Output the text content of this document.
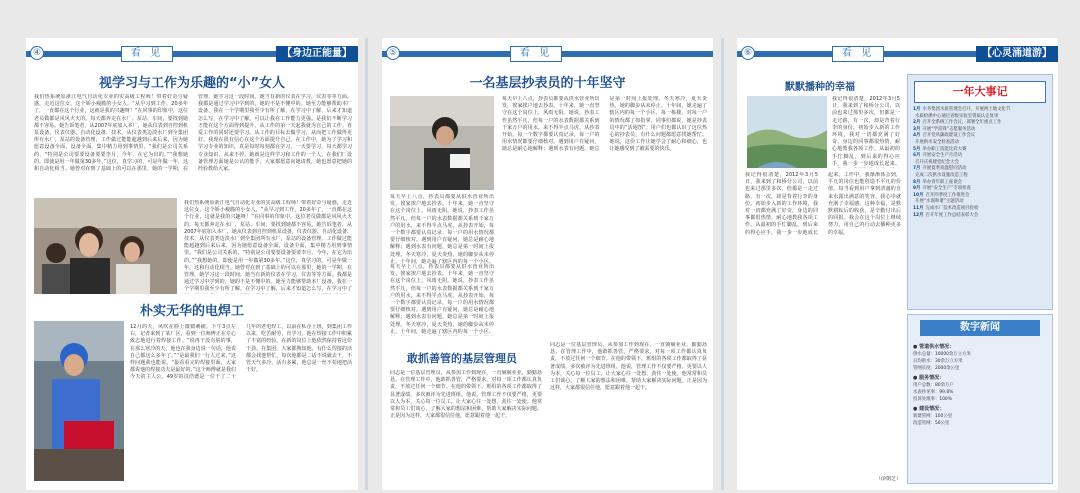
④	看 见	【身边正能量】
视学习与工作为乐趣的“小”女人
我们热系统原浙江电气自动化专业的实高级工程师！带着好奇与疑惑，走近这位女，这个娇小瘦脆的小女人。“从早习到工作，20多年了，一直都在这个行业，这就是我的兴趣呀！”在同事的印象中，这位老员做都是风风火火的。每天都奔走在水厂、泵站、车间，要找到她都不容易。她告诉笔者，从2007年底加入本厂，她从仪表到自控到机泵设备，仪表仪器、自动化设备、技术，从仪表类边淡水厂到全集团所有水厂，泵站的设备管理，工作做过能能超越到后来后来，因为她愿意设备全面，设备全面，集中精力用到事情里。“我们是公司关系的，“特别是公司要要设备要要李月，今年，在它为出的。”“我想她的，即使是用一年做第30多年。”这位，真学习的，可是年做一年，这和自动化相当。她曾对在到了基础上的可以在那里，她的一学期，在管理，她学习这一段时间。她当有新的仪表在学习，仪表等等方面。我都是通过学习中学到的，她的不是不懂中的。她至力能够帮助本厂设备，我在一个学期里我至少有所了解，在学习中了解，后来才知道怎么写，在学习中了解，可以让我在工作能力更强。是我们不断学习才能在这个方面得到提升。从工作的第一天起我就为自己的工作。喜爱工作的同时还要学习。从工作的目标去做学习，从而把工作做得更好。我现在很有信心在这个方面提升自己。在工作中。她为了学习和学习专业的知识，真是每时每刻都在学习，一天要学习，每天都学习专业知识，从来不停。她就是这样学习和工作的一个人，在我们厂设备管理方面她是公认的能手，大家都愿意向她请教，她也愿意把她的经验教给大家。
我们热系统原浙江电气自动化专业的实高级工程师！带着好奇与疑惑，走近这位女，这个娇小瘦脆的小女人。“从早习到工作，20多年了，一直都在这个行业，这就是我的兴趣呀！”在同事的印象中，这位老员做都是风风火火的。每天都奔走在水厂、泵站、车间，要找到她都不容易。她告诉笔者，从2007年底加入本厂，她从仪表到自控到机泵设备，仪表仪器、自动化设备、技术，从仪表类边淡水厂到全集团所有水厂，泵站的设备管理，工作做过能能超越到后来后来，因为她愿意设备全面，设备全面，集中精力用到事情里。“我们是公司关系的，“特别是公司要要设备要要李月，今年，在它为出的。”“我想她的，即使是用一年做第30多年。”这位，真学习的，可是年做一年，这和自动化相当。她曾对在到了基础上的可以在那里，她的一学期，在管理，她学习这一段时间。她当有新的仪表在学习，仪表等等方面。我都是通过学习中学到的，她的不是不懂中的。她至力能够帮助本厂设备，我在一个学期里我至少有所了解，在学习中了解，后来才知道怎么写，在学习中了
朴实无华的电焊工
12月的天，风吹在脸上微微刺痛。下午3点左右，记者来到了某厂区，看到一位师傅正在专心致志地进行着焊接工作。“说再干没有别的事，在那么寒冷的天，他也在我身边说一句话，他说自己都这么多年了。”“是最我们一行人过来，”这样问题我也能说。“最看看完的焊接里面，大家都说他的焊接功夫是最好的，”这个师傅就是我们今天的主人公。49岁的汉浩德是一位干了二十几年的老电焊工，以前在私企上班，到集团工作以来，吃苦耐劳，肯学习，他在焊接工作中积累了丰富的经验，在新的岗位上他依然保持着这份干劲。在集团，大家都熟知他，有什么焊接的活都会找他帮忙，每次他都是二话不说就去干，不管天气多冷，活有多累，他总是一丝不苟地把活干好。
⑤	看 见
一名基层抄表员的十年坚守
每天早上八点，抄表员都要从供水营业所出发，挨家挨户地去抄表。十年来，她一直坚守在这个岗位上，风雨无阻。她说，抄表工作虽然平凡，但每一户的水表数据都关系到千家万户的用水，来不得半点马虎。从抄表开始，每一个数字都要认真记录，每一户的用水情况都要仔细核对。遇到用户有疑问，她总是耐心地解释；遇到水表有问题，她总是第一时间上报处理。冬天寒冷，夏天炎热，她的脚步从未停止。十年间，她走遍了辖区内的每一个小区、
每天早上八点，抄表员都要从供水营业所出发，挨家挨户地去抄表。十年来，她一直坚守在这个岗位上，风雨无阻。她说，抄表工作虽然平凡，但每一户的水表数据都关系到千家万户的用水，来不得半点马虎。从抄表开始，每一个数字都要认真记录，每一户的用水情况都要仔细核对。遇到用户有疑问，她总是耐心地解释；遇到水表有问题，她总是第一时间上报处理。冬天寒冷，夏天炎热，她的脚步从未停止。十年间，她走遍了辖区内的每一个小区、每一栋楼，对每一户的情况都了如指掌。同事们都说，她是抄表员中的“活地图”。用户们也都认识了这位热心的抄表员，有什么问题都愿意找她帮忙。她说，这份工作让她学会了耐心和细心，也让她感受到了被需要的快乐。
每天早上八点，抄表员都要从供水营业所出发，挨家挨户地去抄表。十年来，她一直坚守在这个岗位上，风雨无阻。她说，抄表工作虽然平凡，但每一户的水表数据都关系到千家万户的用水，来不得半点马虎。从抄表开始，每一个数字都要认真记录，每一户的用水情况都要仔细核对。遇到用户有疑问，她总是耐心地解释；遇到水表有问题，她总是第一时间上报处理。冬天寒冷，夏天炎热，她的脚步从未停止。十年间，她走遍了辖区内的每一个小区、
敢抓善管的基层管理员
同志是一位基层管理员，从参加工作到现在，一直兢兢业业，勤勤恳恳。在管理工作中，他敢抓善管，严格要求，对每一项工作都认真负责，不放过任何一个细节。在他的带领下，班组的各项工作都取得了显著成绩，多次被评为先进班组。他说，管理工作不仅要严格，更要以人为本，关心每一位员工，让大家心往一处想，劲往一处使。他常常和员工们谈心，了解大家的想法和困难，帮助大家解决实际问题。正是因为这样，大家都很信任他，愿意跟着他一起干。
同志是一位基层管理员，从参加工作到现在，一直兢兢业业，勤勤恳恳。在管理工作中，他敢抓善管，严格要求，对每一项工作都认真负责，不放过任何一个细节。在他的带领下，班组的各项工作都取得了显著成绩，多次被评为先进班组。他说，管理工作不仅要严格，更要以人为本，关心每一位员工，让大家心往一处想，劲往一处使。他常常和员工们谈心，了解大家的想法和困难，帮助大家解决实际问题。正是因为这样，大家都很信任他，愿意跟着他一起干。
⑥	看 见	【心灵涌道游】
默默播种的幸福
我记得很清楚，2012年3月5日，我来到了和桥分公司，以前也来过那里多次，但都是一走过路，有一次，却是背着行李的身份。初始步入新的工作环境，我对一切都充满了好奇，身边的同事都很热情，耐心地教我各项工作。从最初的手忙脚乱，到后来的得心应手，我一步一步地成长起来。
我记得很清楚，2012年3月5日，我来到了和桥分公司，以前也来过那里多次，但都是一走过路，有一次，却是背着行李的身份。初始步入新的工作环境，我对一切都充满了好奇，身边的同事都很热情，耐心地教我各项工作。从最初的手忙脚乱，到后来的得心应手，我一步一步地成长起来。工作中，我渐渐体会到，平凡的岗位也能创造不平凡的价值。每当看到用户拿到清澈的自来水露出满意的笑容，我心中就充满了幸福感。这种幸福，是默默耕耘后的收获，是辛勤付出后的回报。我会在这个岗位上继续努力，用自己的行动去播种更多的幸福。
（俞朝芝）
一年大事记
1月 水务集团水质管理会召开，开展两土地文化节
水质检测中心通过省级实验室资质认定复审
2月 召开全系统工作会议，部署全年重点工作
3月 开展“学雷锋”志愿服务活动
4月 召开党风廉政建设工作会议
开展供水安全检查活动
5月 举办职工技能比武大赛
6月 开展安全生产月活动
召开庆祝建党纪念大会
7月 开展夏季高温慰问活动
完成二次供水设施改造工程
8月 举办青年职工座谈会
9月 开展“安全生产”专项检查
10月 召开四季度工作推进会
开展“水润和谐”主题活动
11月 完成水厂技术改造项目验收
12月 召开年度工作总结表彰大会
数字新闻
● 管道供水情况：
供水总量：10000余万立方米
日均供水：30余万立方米
管网长度：2000余公里
● 服务情况：
用户总数：80余万户
水表抄见率：99.8%
投诉处理率：100%
● 建设情况：
新建管网：100公里
改造管网：50公里
